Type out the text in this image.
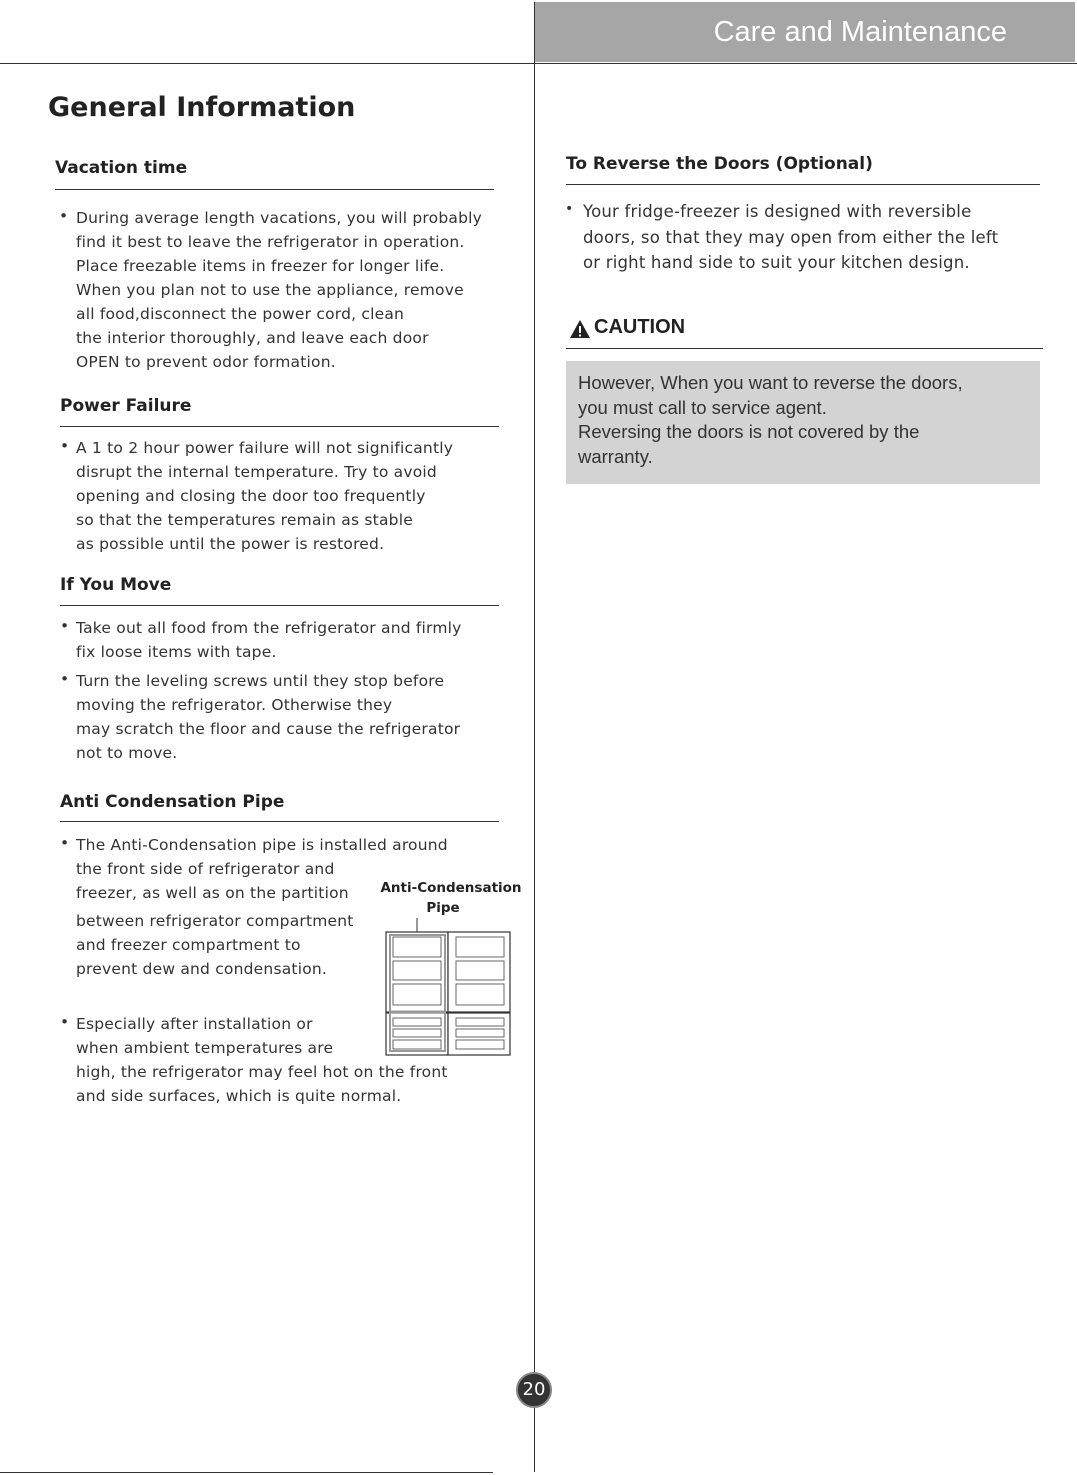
Care and Maintenance
General Information
Vacation time
• During average length vacations, you will probably
find it best to leave the refrigerator in operation.
Place freezable items in freezer for longer life.
When you plan not to use the appliance, remove
all food,disconnect the power cord, clean
the interior thoroughly, and leave each door
OPEN to prevent odor formation.
Power Failure
• A 1 to 2 hour power failure will not significantly
disrupt the internal temperature. Try to avoid
opening and closing the door too frequently
so that the temperatures remain as stable
as possible until the power is restored.
If You Move
• Take out all food from the refrigerator and firmly
fix loose items with tape.
• Turn the leveling screws until they stop before
moving the refrigerator. Otherwise they
may scratch the floor and cause the refrigerator
not to move.
Anti Condensation Pipe
• The Anti-Condensation pipe is installed around
the front side of refrigerator and
freezer, as well as on the partition
between refrigerator compartment
and freezer compartment to
prevent dew and condensation.
• Especially after installation or
when ambient temperatures are
high, the refrigerator may feel hot on the front
and side surfaces, which is quite normal.
Anti-Condensation
Pipe
To Reverse the Doors (Optional)
• Your fridge-freezer is designed with reversible
doors, so that they may open from either the left
or right hand side to suit your kitchen design.
CAUTION
However, When you want to reverse the doors,
you must call to service agent.
Reversing the doors is not covered by the
warranty.
20
